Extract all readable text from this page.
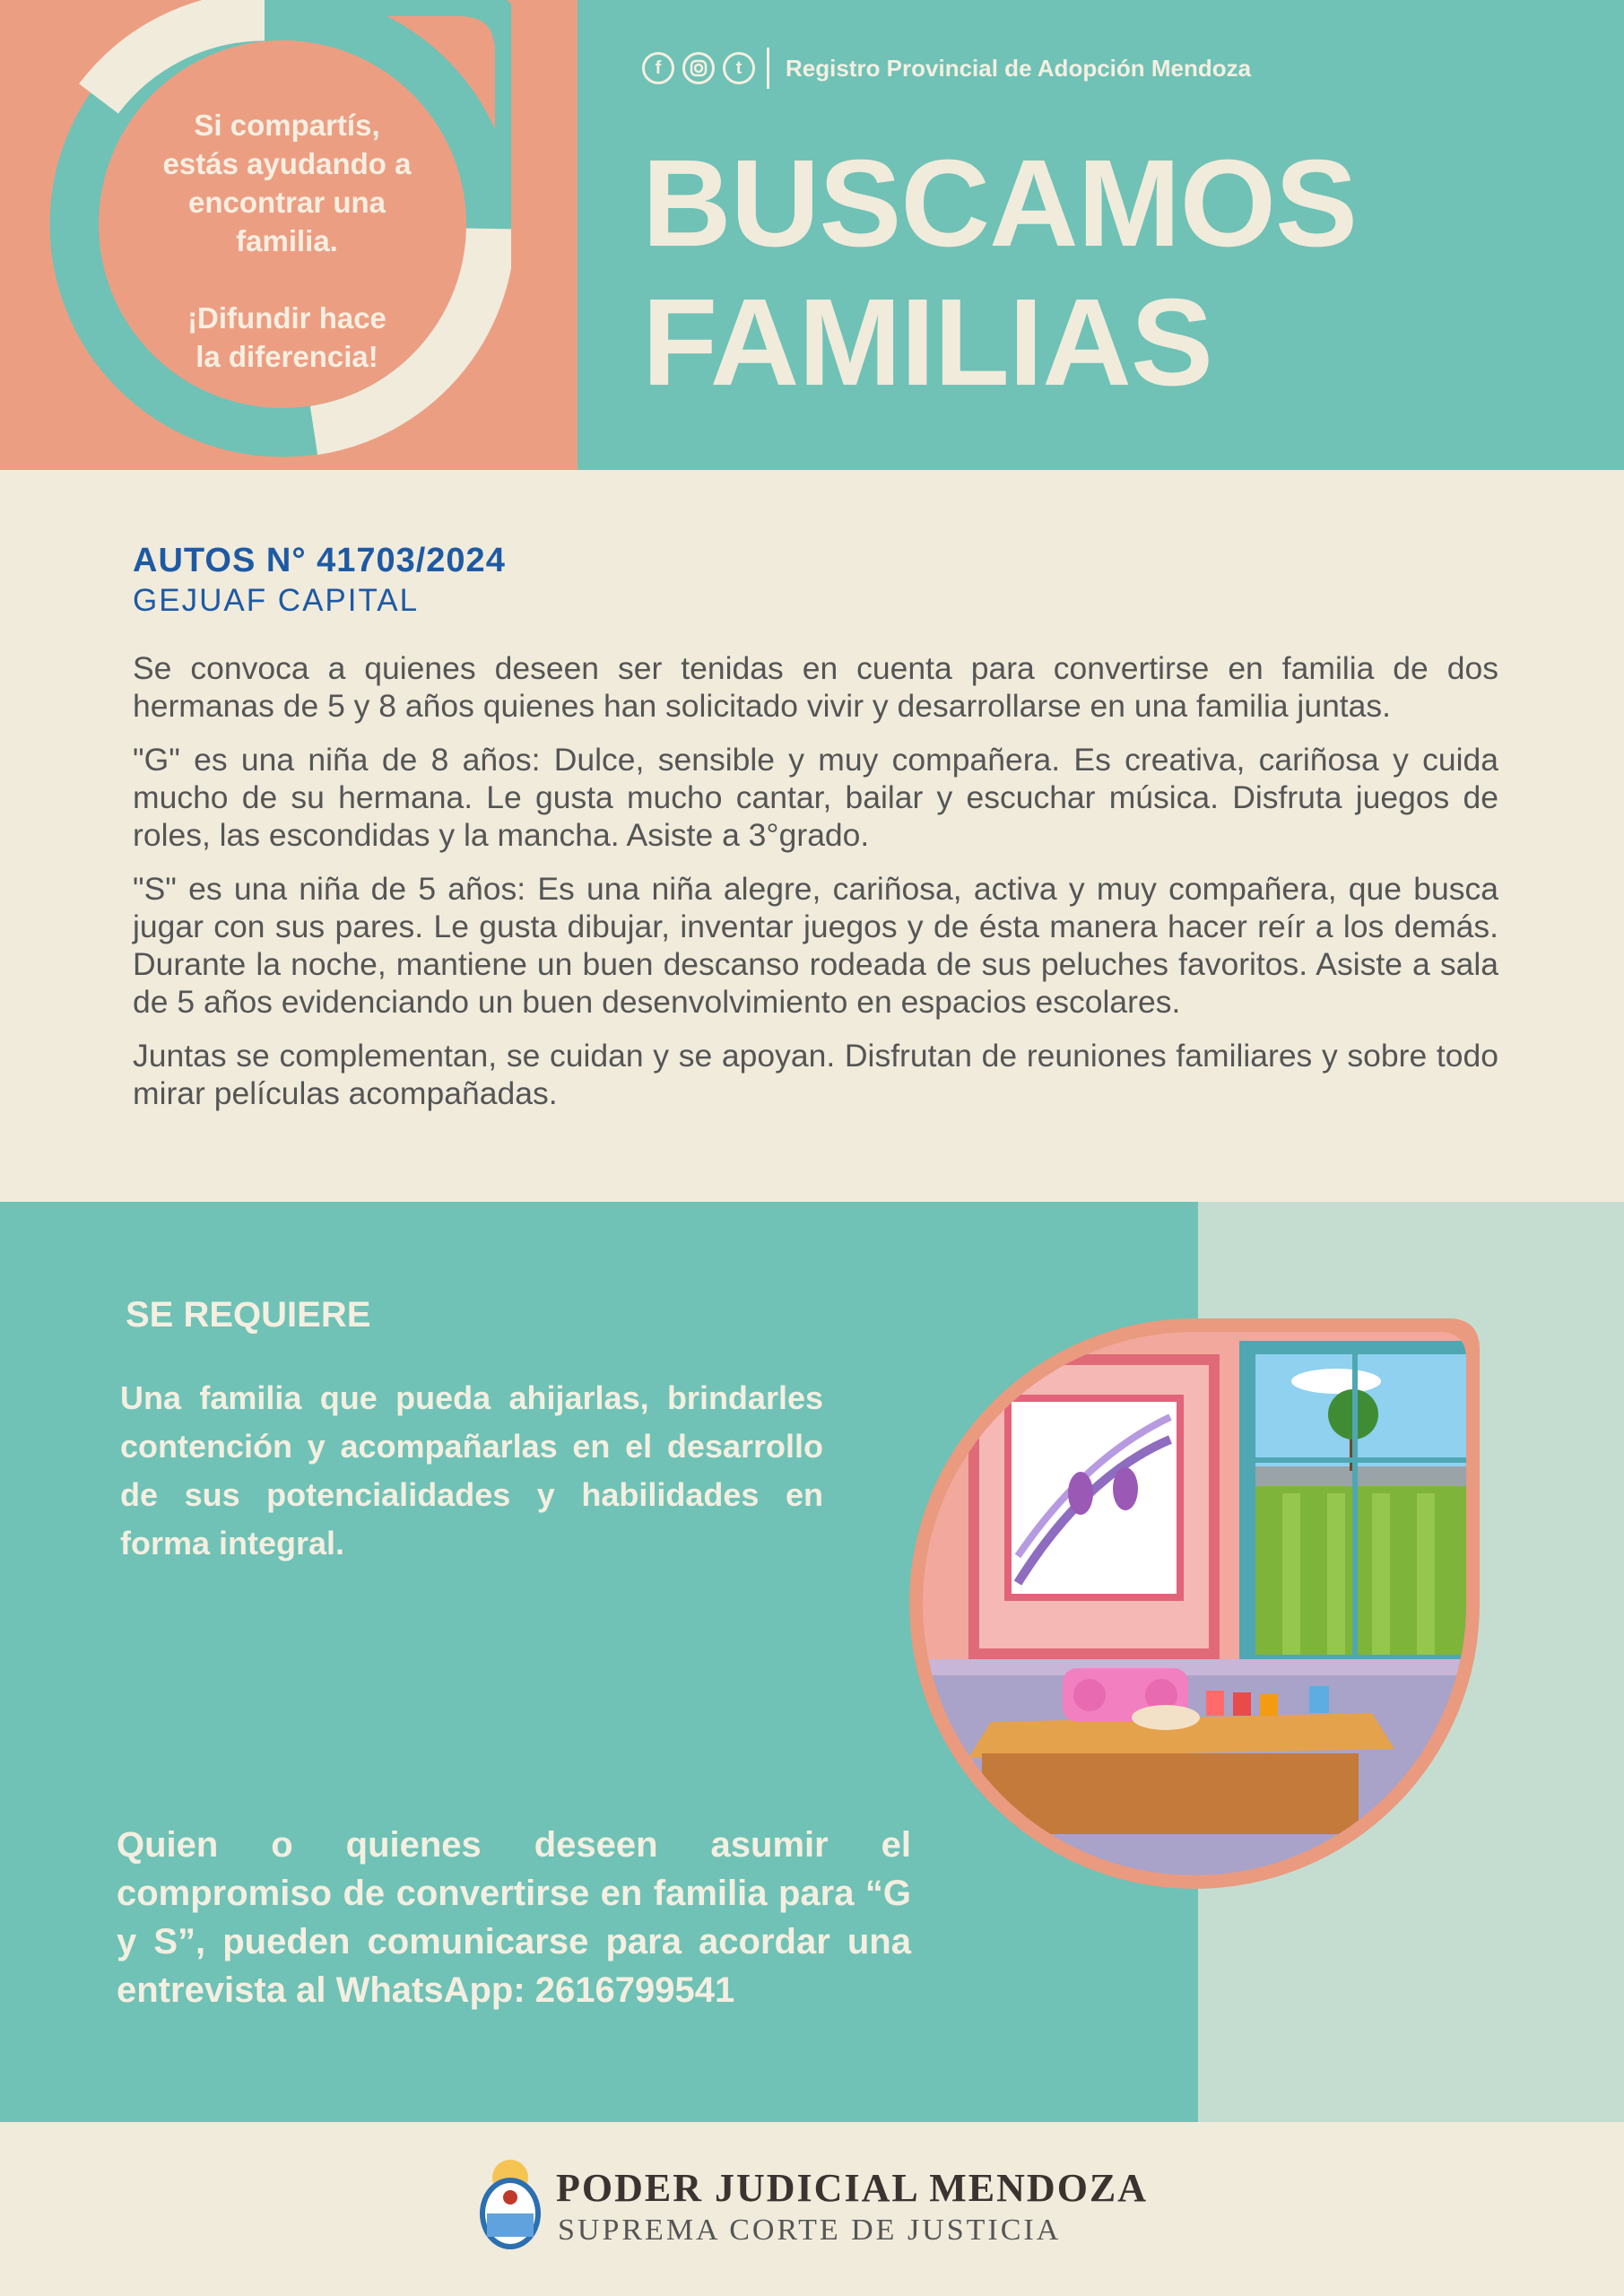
Si compartís,

estás ayudando a

encontrar una

familia.

¡Difundir hace

la diferencia!

f	t Registro Provincial de Adopción Mendoza
BUSCAMOS
FAMILIAS
AUTOS N° 41703/2024
GEJUAF CAPITAL

Se convoca a quienes deseen ser tenidas en cuenta para convertirse en familia de dos hermanas de 5 y 8 años quienes han solicitado vivir y desarrollarse en una familia juntas.

"G" es una niña de 8 años: Dulce, sensible y muy compañera. Es creativa, cariñosa y cuida mucho de su hermana. Le gusta mucho cantar, bailar y escuchar música. Disfruta juegos de roles, las escondidas y la mancha. Asiste a 3°grado.

"S" es una niña de 5 años: Es una niña alegre, cariñosa, activa y muy compañera, que busca jugar con sus pares. Le gusta dibujar, inventar juegos y de ésta manera hacer reír a los demás. Durante la noche, mantiene un buen descanso rodeada de sus peluches favoritos. Asiste a sala de 5 años evidenciando un buen desenvolvimiento en espacios escolares.

Juntas se complementan, se cuidan y se apoyan. Disfrutan de reuniones familiares y sobre todo mirar películas acompañadas.

SE REQUIERE
Una familia que pueda ahijarlas, brindarles contención y acompañarlas en el desarrollo de sus potencialidades y habilidades en forma integral.
Quien o quienes deseen asumir el compromiso de convertirse en familia para “G y S”, pueden comunicarse para acordar una entrevista al WhatsApp: 2616799541
PODER JUDICIAL MENDOZA
SUPREMA CORTE DE JUSTICIA
